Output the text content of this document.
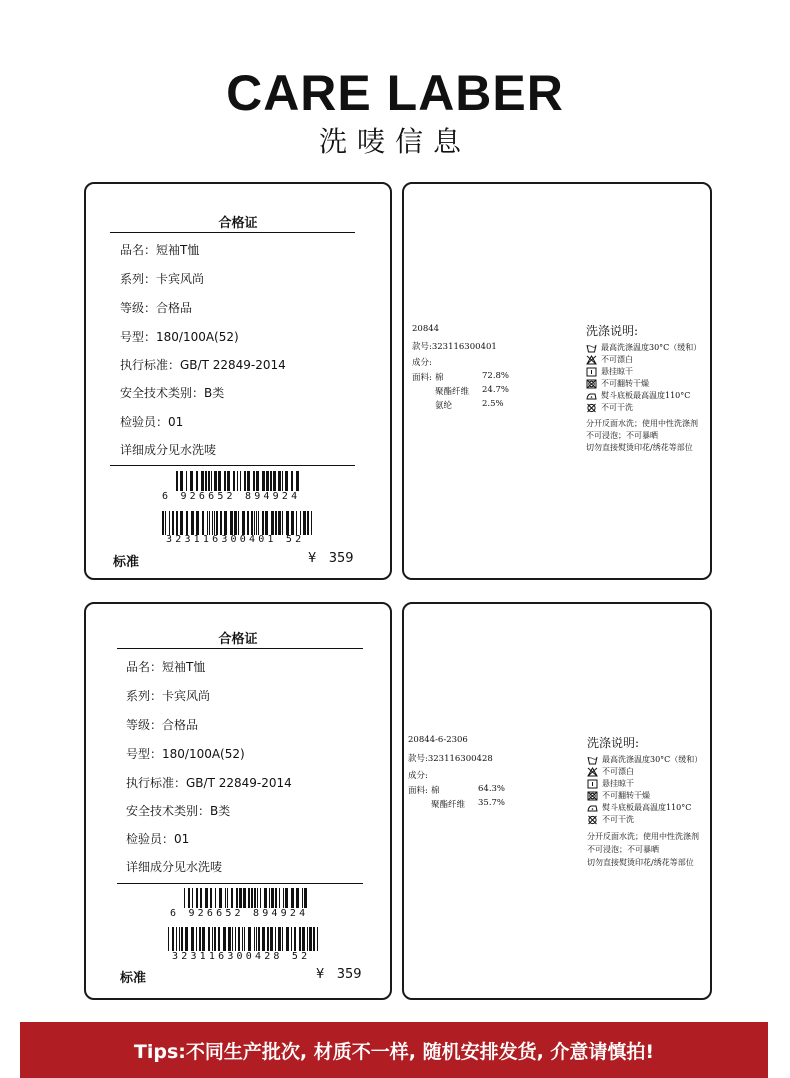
CARE LABER
洗唛信息
合格证
品名：短袖T恤
系列：卡宾风尚
等级：合格品
号型：180/100A(52)
执行标准：GB/T 22849-2014
安全技术类别：B类
检验员：01
详细成分见水洗唛
6 926652 894924
323116300401 52
标准	¥ 359
20844
款号:323116300401
成分:
面料: 棉	72.8%
聚酯纤维 24.7%
氨纶	2.5%
洗涤说明:
最高洗涤温度30°C（缓和）
不可漂白
悬挂晾干
不可翻转干燥
熨斗底板最高温度110°C
不可干洗
分开反面水洗；使用中性洗涤剂
不可浸泡；不可暴晒
切勿直接熨烫印花/绣花等部位
合格证
品名：短袖T恤
系列：卡宾风尚
等级：合格品
号型：180/100A(52)
执行标准：GB/T 22849-2014
安全技术类别：B类
检验员：01
详细成分见水洗唛
6 926652 894924
323116300428 52
标准	¥ 359
20844-6-2306
款号:323116300428
成分:
面料: 棉	64.3%
聚酯纤维 35.7%
洗涤说明:
最高洗涤温度30°C（缓和）
不可漂白
悬挂晾干
不可翻转干燥
熨斗底板最高温度110°C
不可干洗
分开反面水洗；使用中性洗涤剂
不可浸泡；不可暴晒
切勿直接熨烫印花/绣花等部位
Tips:不同生产批次, 材质不一样, 随机安排发货, 介意请慎拍!
